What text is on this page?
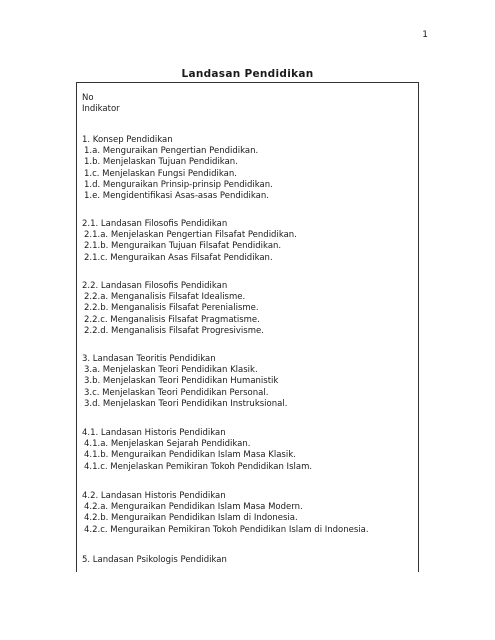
1
Landasan Pendidikan
No
Indikator
1. Konsep Pendidikan
1.a. Menguraikan Pengertian Pendidikan.
1.b. Menjelaskan Tujuan Pendidikan.
1.c. Menjelaskan Fungsi Pendidikan.
1.d. Menguraikan Prinsip-prinsip Pendidikan.
1.e. Mengidentifikasi Asas-asas Pendidikan.
2.1. Landasan Filosofis Pendidikan
2.1.a. Menjelaskan Pengertian Filsafat Pendidikan.
2.1.b. Menguraikan Tujuan Filsafat Pendidikan.
2.1.c. Menguraikan Asas Filsafat Pendidikan.
2.2. Landasan Filosofis Pendidikan
2.2.a. Menganalisis Filsafat Idealisme.
2.2.b. Menganalisis Filsafat Perenialisme.
2.2.c. Menganalisis Filsafat Pragmatisme.
2.2.d. Menganalisis Filsafat Progresivisme.
3. Landasan Teoritis Pendidikan
3.a. Menjelaskan Teori Pendidikan Klasik.
3.b. Menjelaskan Teori Pendidikan Humanistik
3.c. Menjelaskan Teori Pendidikan Personal.
3.d. Menjelaskan Teori Pendidikan Instruksional.
4.1. Landasan Historis Pendidikan
4.1.a. Menjelaskan Sejarah Pendidikan.
4.1.b. Menguraikan Pendidikan Islam Masa Klasik.
4.1.c. Menjelaskan Pemikiran Tokoh Pendidikan Islam.
4.2. Landasan Historis Pendidikan
4.2.a. Menguraikan Pendidikan Islam Masa Modern.
4.2.b. Menguraikan Pendidikan Islam di Indonesia.
4.2.c. Menguraikan Pemikiran Tokoh Pendidikan Islam di Indonesia.
5. Landasan Psikologis Pendidikan
